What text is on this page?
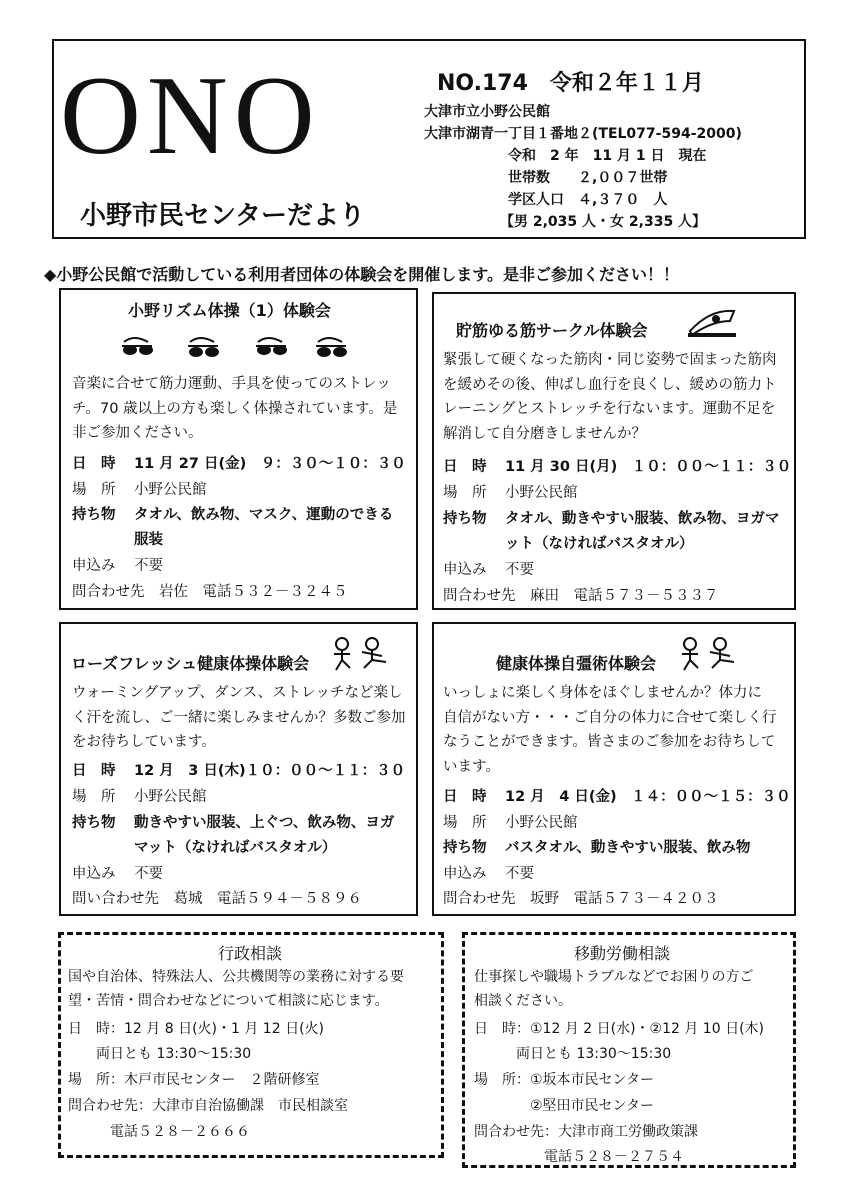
ONO
小野市民センターだより
NO.174　令和２年１１月
大津市立小野公民館
大津市湖青一丁目１番地２(TEL077-594-2000)
令和　2 年　11 月 1 日　現在
世帯数　　２,００７世帯
学区人口　４,３７０　人
【男 2,035 人・女 2,335 人】
◆小野公民館で活動している利用者団体の体験会を開催します。是非ご参加ください！！
小野リズム体操（1）体験会
音楽に合せて筋力運動、手具を使ってのストレッ
チ。70 歳以上の方も楽しく体操されています。是
非ご参加ください。
日　時	11 月 27 日(金)　９：３０～１０：３０
場　所	小野公民館
持ち物	タオル、飲み物、マスク、運動のできる
服装
申込み	不要
問合わせ先　岩佐　電話５３２－３２４５
貯筋ゆる筋サークル体験会
緊張して硬くなった筋肉・同じ姿勢で固まった筋肉
を緩めその後、伸ばし血行を良くし、緩めの筋力ト
レーニングとストレッチを行ないます。運動不足を
解消して自分磨きしませんか？
日　時	11 月 30 日(月)　１０：００～１１：３０
場　所	小野公民館
持ち物	タオル、動きやすい服装、飲み物、ヨガマ
ット（なければバスタオル）
申込み	不要
問合わせ先　麻田　電話５７３－５３３７
ローズフレッシュ健康体操体験会
ウォーミングアップ、ダンス、ストレッチなど楽し
く汗を流し、ご一緒に楽しみませんか？多数ご参加
をお待ちしています。
日　時	12 月　3 日(木)１０：００～１１：３０
場　所	小野公民館
持ち物	動きやすい服装、上ぐつ、飲み物、ヨガ
マット（なければバスタオル）
申込み	不要
問い合わせ先　葛城　電話５９４－５８９６
健康体操自彊術体験会
いっしょに楽しく身体をほぐしませんか？体力に
自信がない方・・・ご自分の体力に合せて楽しく行
なうことができます。皆さまのご参加をお待ちして
います。
日　時	12 月　4 日(金)　１４：００～１５：３０
場　所	小野公民館
持ち物	バスタオル、動きやすい服装、飲み物
申込み	不要
問合わせ先　坂野　電話５７３－４２０３
行政相談
国や自治体、特殊法人、公共機関等の業務に対する要
望・苦情・問合わせなどについて相談に応じます。
日　時：12 月 8 日(火)・1 月 12 日(火)
　　両日とも 13:30～15:30
場　所：木戸市民センター　２階研修室
問合わせ先：大津市自治協働課　市民相談室
　　　電話５２８－２６６６
移動労働相談
仕事探しや職場トラブルなどでお困りの方ご
相談ください。
日　時：①12 月 2 日(水)・②12 月 10 日(木)
　　　両日とも 13:30～15:30
場　所：①坂本市民センター
　　　　②堅田市民センター
問合わせ先：大津市商工労働政策課
　　　　　電話５２８－２７５４
